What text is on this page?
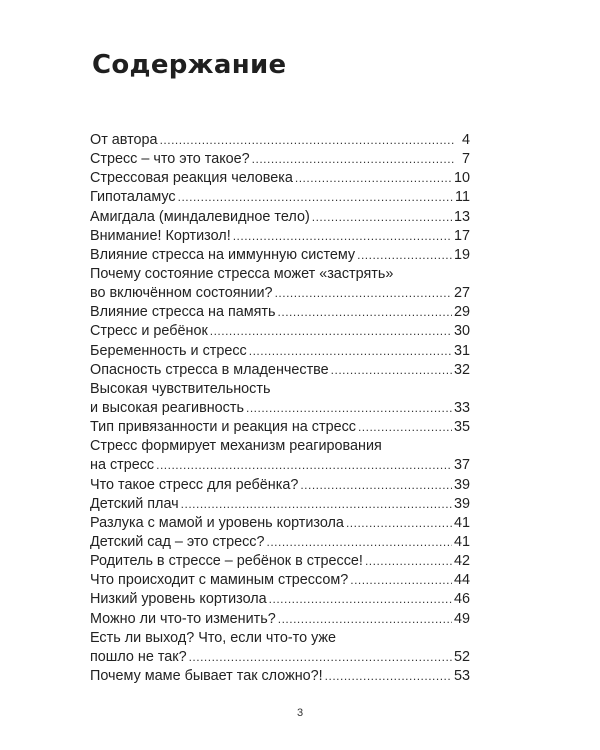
Содержание
От автора .....	4
Стресс – что это такое? .....	7
Стрессовая реакция человека .....	10
Гипоталамус .....	11
Амигдала (миндалевидное тело) .....	13
Внимание! Кортизол! .....	17
Влияние стресса на иммунную систему .....	19
Почему состояние стресса может «застрять»
во включённом состоянии? .....	27
Влияние стресса на память .....	29
Стресс и ребёнок .....	30
Беременность и стресс .....	31
Опасность стресса в младенчестве .....	32
Высокая чувствительность
и высокая реагивность .....	33
Тип привязанности и реакция на стресс .....	35
Стресс формирует механизм реагирования
на стресс .....	37
Что такое стресс для ребёнка? .....	39
Детский плач .....	39
Разлука с мамой и уровень кортизола .....	41
Детский сад – это стресс? .....	41
Родитель в стрессе – ребёнок в стрессе! .....	42
Что происходит с маминым стрессом? .....	44
Низкий уровень кортизола .....	46
Можно ли что-то изменить? .....	49
Есть ли выход? Что, если что-то уже
пошло не так? .....	52
Почему маме бывает так сложно?! .....	53
3
